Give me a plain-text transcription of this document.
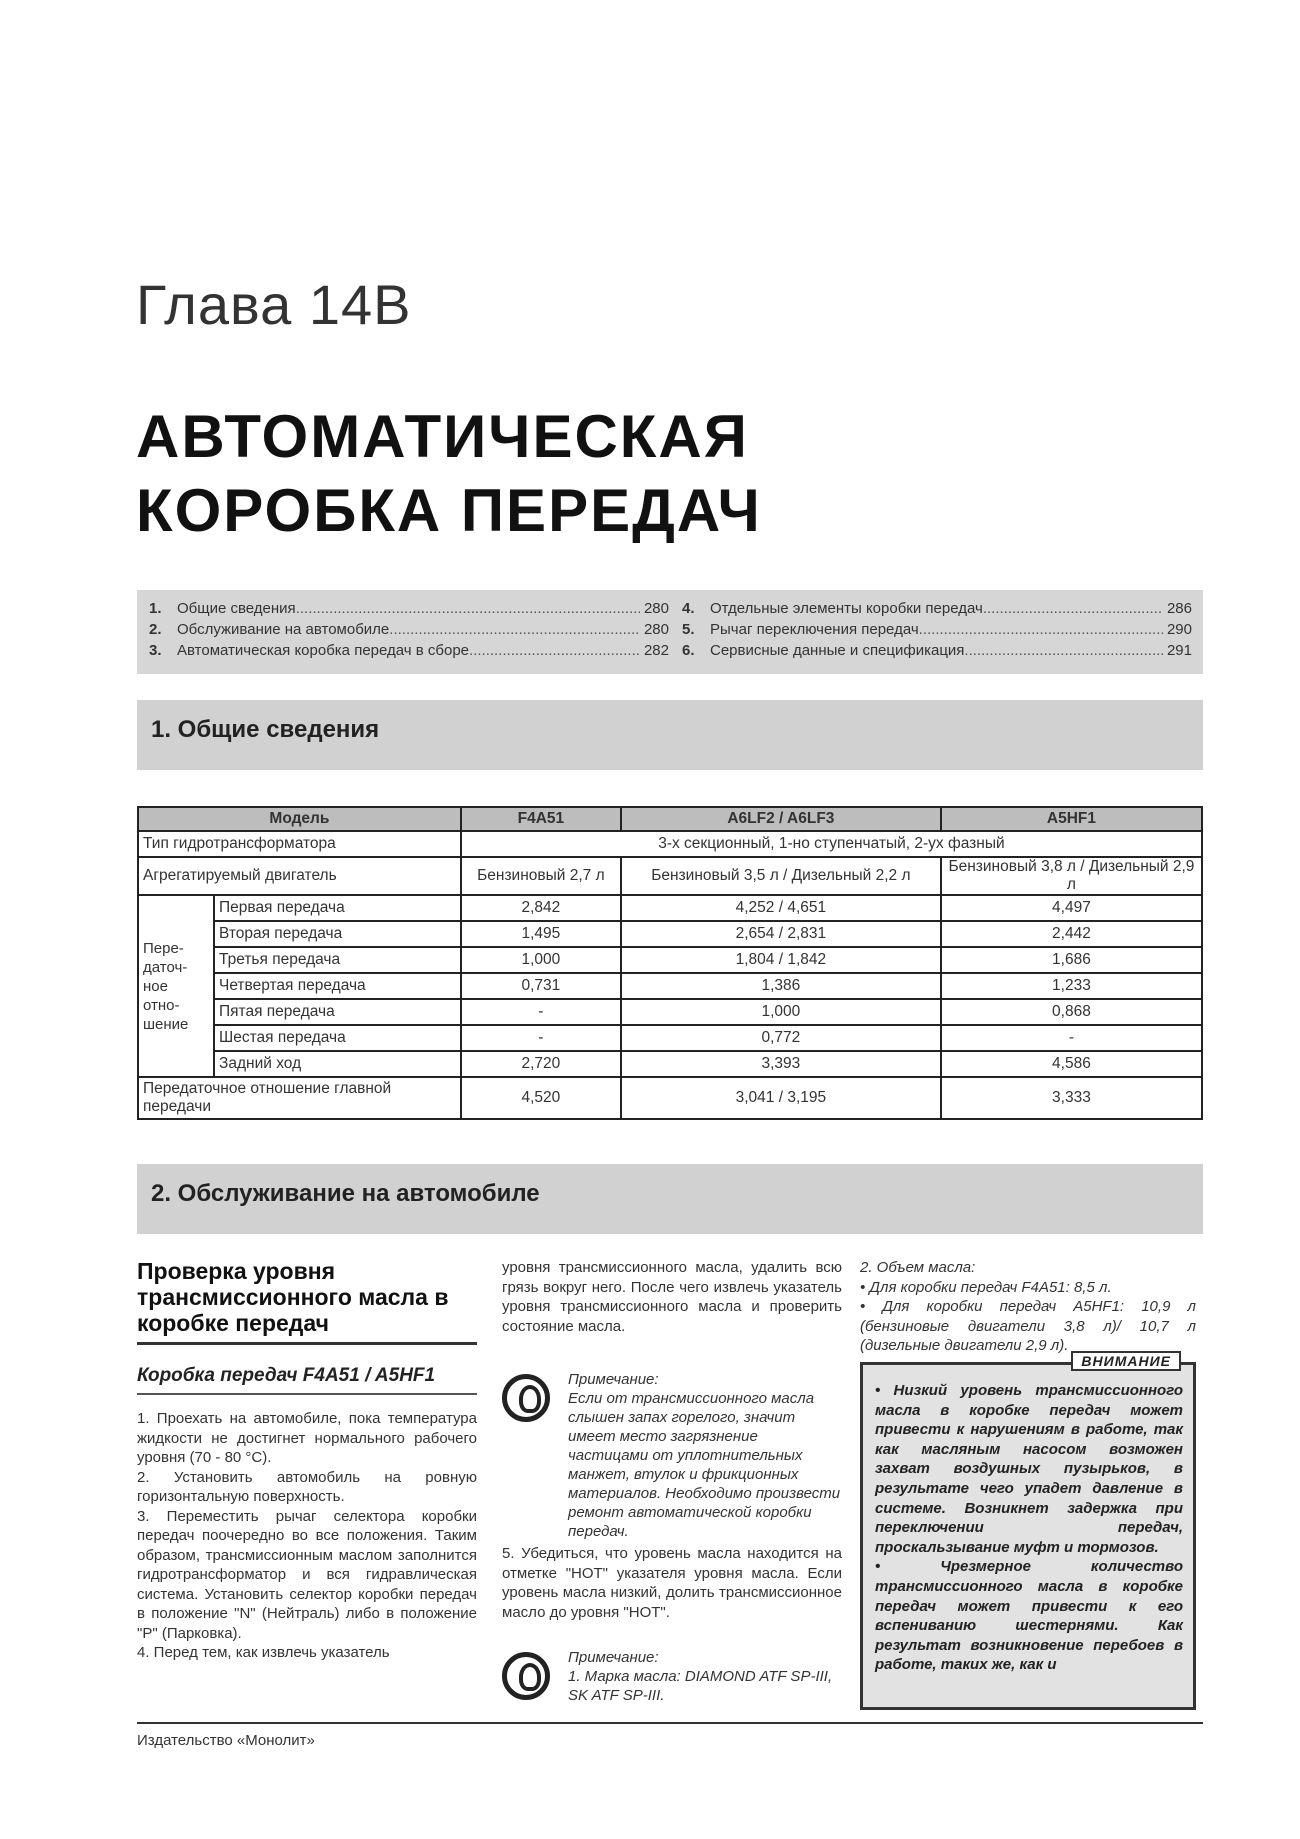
Глава 14В
АВТОМАТИЧЕСКАЯ
КОРОБКА ПЕРЕДАЧ
1.	Общие сведения .....	280
2.	Обслуживание на автомобиле .....	280
3.	Автоматическая коробка передач в сборе .....	282
4.	Отдельные элементы коробки передач .....	286
5.	Рычаг переключения передач .....	290
6.	Сервисные данные и спецификация .....	291
1. Общие сведения
Модель		F4A51	A6LF2 / A6LF3	A5HF1
Тип гидротрансформатора		3-х секционный, 1-но ступенчатый, 2-ух фазный		
Агрегатируемый двигатель		Бензиновый 2,7 л	Бензиновый 3,5 л / Дизельный 2,2 л	Бензиновый 3,8 л / Дизельный 2,9 л
Пере-
даточ-
ное
отно-
шение	Первая передача	2,842	4,252 / 4,651	4,497
	Вторая передача	1,495	2,654 / 2,831	2,442
	Третья передача	1,000	1,804 / 1,842	1,686
	Четвертая передача	0,731	1,386	1,233
	Пятая передача	-	1,000	0,868
	Шестая передача	-	0,772	-
	Задний ход	2,720	3,393	4,586
Передаточное отношение главной передачи		4,520	3,041 / 3,195	3,333
2. Обслуживание на автомобиле
Проверка уровня трансмиссионного масла в коробке передач
Коробка передач F4A51 / A5HF1
1. Проехать на автомобиле, пока температура жидкости не достигнет нормального рабочего уровня (70 - 80 °С).
2. Установить автомобиль на ровную горизонтальную поверхность.
3. Переместить рычаг селектора коробки передач поочередно во все положения. Таким образом, трансмиссионным маслом заполнится гидротрансформатор и вся гидравлическая система. Установить селектор коробки передач в положение "N" (Нейтраль) либо в положение "P" (Парковка).
4. Перед тем, как извлечь указатель
уровня трансмиссионного масла, удалить всю грязь вокруг него. После чего извлечь указатель уровня трансмиссионного масла и проверить состояние масла.
Примечание:
Если от трансмиссионного масла слышен запах горелого, значит имеет место загрязнение частицами от уплотнительных манжет, втулок и фрикционных материалов. Необходимо произвести ремонт автоматической коробки передач.
5. Убедиться, что уровень масла находится на отметке "HOT" указателя уровня масла. Если уровень масла низкий, долить трансмиссионное масло до уровня "HOT".
Примечание:
1. Марка масла: DIAMOND ATF SP-III, SK ATF SP-III.
2. Объем масла:
• Для коробки передач F4A51: 8,5 л.
• Для коробки передач A5HF1: 10,9 л (бензиновые двигатели 3,8 л)/ 10,7 л (дизельные двигатели 2,9 л).
ВНИМАНИЕ
• Низкий уровень трансмиссионного масла в коробке передач может привести к нарушениям в работе, так как масляным насосом возможен захват воздушных пузырьков, в результате чего упадет давление в системе. Возникнет задержка при переключении передач, проскальзывание муфт и тормозов.
• Чрезмерное количество трансмиссионного масла в коробке передач может привести к его вспениванию шестернями. Как результат возникновение перебоев в работе, таких же, как и
Издательство «Монолит»
